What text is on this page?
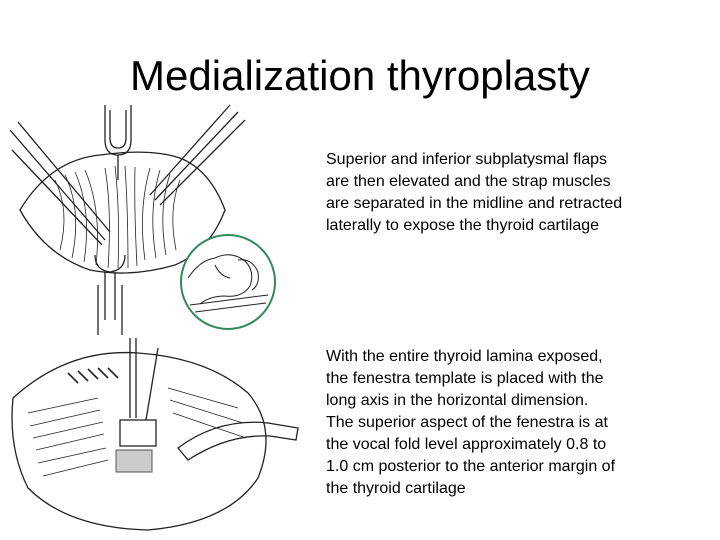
Medialization thyroplasty
Superior and inferior subplatysmal flaps
are then elevated and the strap muscles
are separated in the midline and retracted
laterally to expose the thyroid cartilage
With the entire thyroid lamina exposed,
the fenestra template is placed with the
long axis in the horizontal dimension.
The superior aspect of the fenestra is at
the vocal fold level approximately 0.8 to
1.0 cm posterior to the anterior margin of
the thyroid cartilage
